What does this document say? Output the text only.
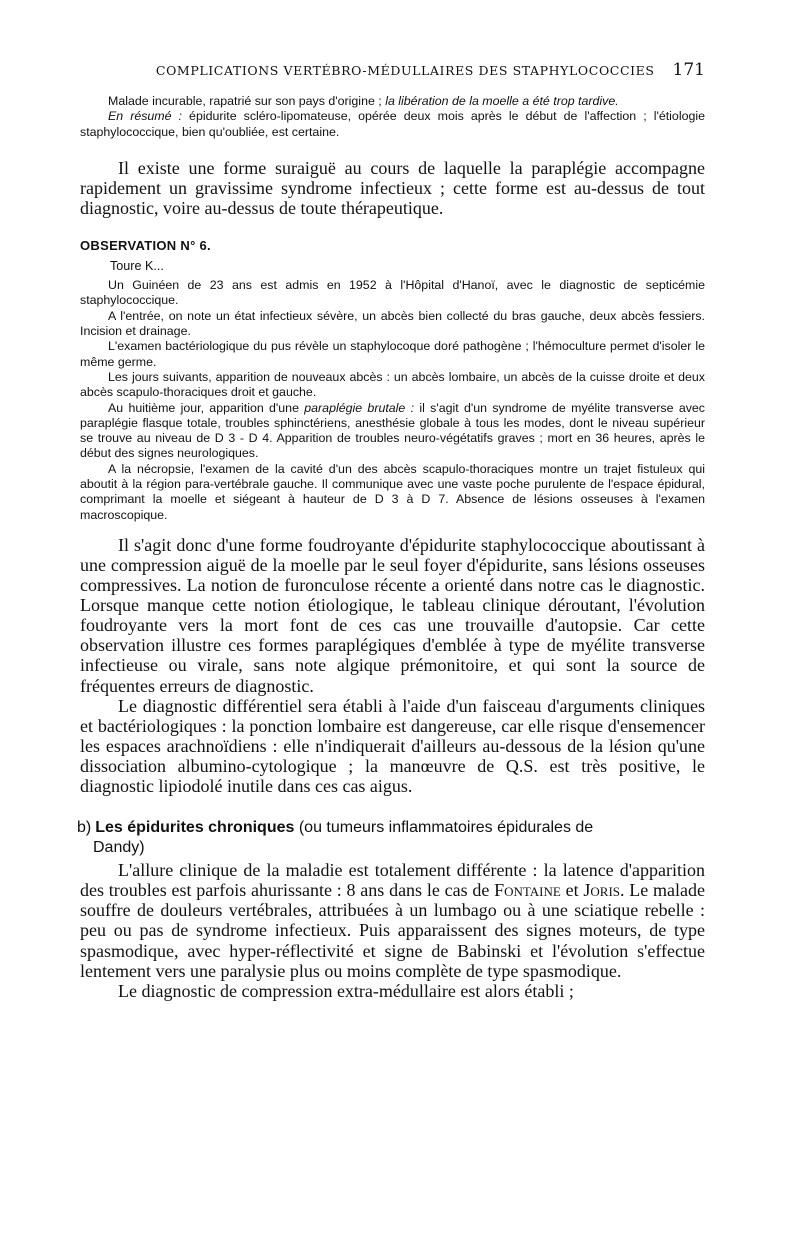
COMPLICATIONS VERTÉBRO-MÉDULLAIRES DES STAPHYLOCOCCIES 171

Malade incurable, rapatrié sur son pays d'origine ; la libération de la moelle a été trop tardive.

En résumé : épidurite scléro-lipomateuse, opérée deux mois après le début de l'affection ; l'étiologie staphylococcique, bien qu'oubliée, est certaine.

Il existe une forme suraiguë au cours de laquelle la paraplégie accompagne rapidement un gravissime syndrome infectieux ; cette forme est au-dessus de tout diagnostic, voire au-dessus de toute thérapeutique.

OBSERVATION N° 6.
Toure K...

Un Guinéen de 23 ans est admis en 1952 à l'Hôpital d'Hanoï, avec le diagnostic de septicémie staphylococcique.

A l'entrée, on note un état infectieux sévère, un abcès bien collecté du bras gauche, deux abcès fessiers. Incision et drainage.

L'examen bactériologique du pus révèle un staphylocoque doré pathogène ; l'hémoculture permet d'isoler le même germe.

Les jours suivants, apparition de nouveaux abcès : un abcès lombaire, un abcès de la cuisse droite et deux abcès scapulo-thoraciques droit et gauche.

Au huitième jour, apparition d'une paraplégie brutale : il s'agit d'un syndrome de myélite transverse avec paraplégie flasque totale, troubles sphinctériens, anesthésie globale à tous les modes, dont le niveau supérieur se trouve au niveau de D 3 - D 4. Apparition de troubles neuro-végétatifs graves ; mort en 36 heures, après le début des signes neurologiques.

A la nécropsie, l'examen de la cavité d'un des abcès scapulo-thoraciques montre un trajet fistuleux qui aboutit à la région para-vertébrale gauche. Il communique avec une vaste poche purulente de l'espace épidural, comprimant la moelle et siégeant à hauteur de D 3 à D 7. Absence de lésions osseuses à l'examen macroscopique.

Il s'agit donc d'une forme foudroyante d'épidurite staphylococcique aboutissant à une compression aiguë de la moelle par le seul foyer d'épidurite, sans lésions osseuses compressives. La notion de furonculose récente a orienté dans notre cas le diagnostic. Lorsque manque cette notion étiologique, le tableau clinique déroutant, l'évolution foudroyante vers la mort font de ces cas une trouvaille d'autopsie. Car cette observation illustre ces formes paraplégiques d'emblée à type de myélite transverse infectieuse ou virale, sans note algique prémonitoire, et qui sont la source de fréquentes erreurs de diagnostic.

Le diagnostic différentiel sera établi à l'aide d'un faisceau d'arguments cliniques et bactériologiques : la ponction lombaire est dangereuse, car elle risque d'ensemencer les espaces arachnoïdiens : elle n'indiquerait d'ailleurs au-dessous de la lésion qu'une dissociation albumino-cytologique ; la manœuvre de Q.S. est très positive, le diagnostic lipiodolé inutile dans ces cas aigus.

b) Les épidurites chroniques (ou tumeurs inflammatoires épidurales de
Dandy)

L'allure clinique de la maladie est totalement différente : la latence d'apparition des troubles est parfois ahurissante : 8 ans dans le cas de Fontaine et Joris. Le malade souffre de douleurs vertébrales, attribuées à un lumbago ou à une sciatique rebelle : peu ou pas de syndrome infectieux. Puis apparaissent des signes moteurs, de type spasmodique, avec hyper-réflectivité et signe de Babinski et l'évolution s'effectue lentement vers une paralysie plus ou moins complète de type spasmodique.

Le diagnostic de compression extra-médullaire est alors établi ;
